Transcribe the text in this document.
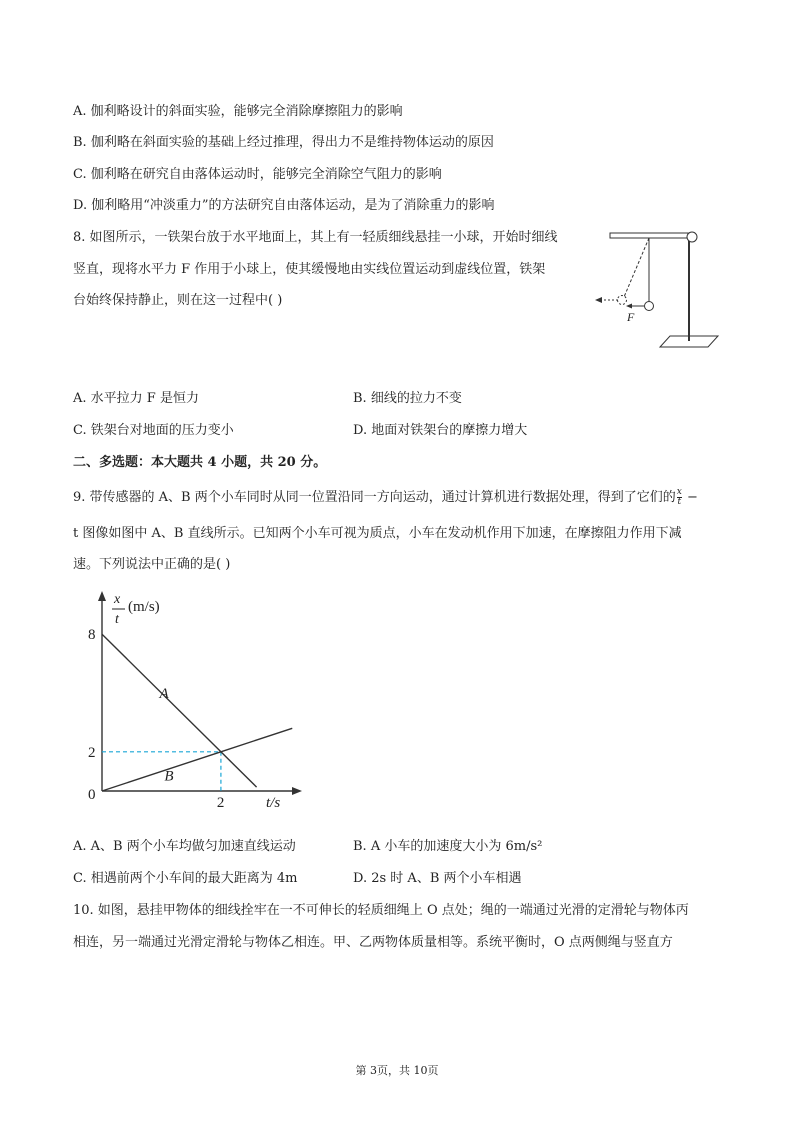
A. 伽利略设计的斜面实验，能够完全消除摩擦阻力的影响
B. 伽利略在斜面实验的基础上经过推理，得出力不是维持物体运动的原因
C. 伽利略在研究自由落体运动时，能够完全消除空气阻力的影响
D. 伽利略用“冲淡重力”的方法研究自由落体运动，是为了消除重力的影响
8. 如图所示，一铁架台放于水平地面上，其上有一轻质细线悬挂一小球，开始时细线
竖直，现将水平力 F 作用于小球上，使其缓慢地由实线位置运动到虚线位置，铁架
台始终保持静止，则在这一过程中( )
F
A. 水平拉力 F 是恒力	B. 细线的拉力不变
C. 铁架台对地面的压力变小	D. 地面对铁架台的摩擦力增大
二、多选题：本大题共 4 小题，共 20 分。
9. 带传感器的 A、B 两个小车同时从同一位置沿同一方向运动，通过计算机进行数据处理，得到了它们的 $\frac{x}{t}$ −
t 图像如图中 A、B 直线所示。已知两个小车可视为质点，小车在发动机作用下加速，在摩擦阻力作用下减
速。下列说法中正确的是( )
x
t
(m/s)
t/s
0
A
B
8
2
2
A. A、B 两个小车均做匀加速直线运动	B. A 小车的加速度大小为 6m/s²
C. 相遇前两个小车间的最大距离为 4m	D. 2s 时 A、B 两个小车相遇
10. 如图，悬挂甲物体的细线拴牢在一不可伸长的轻质细绳上 O 点处；绳的一端通过光滑的定滑轮与物体丙
相连，另一端通过光滑定滑轮与物体乙相连。甲、乙两物体质量相等。系统平衡时，O 点两侧绳与竖直方
第 3页，共 10页
